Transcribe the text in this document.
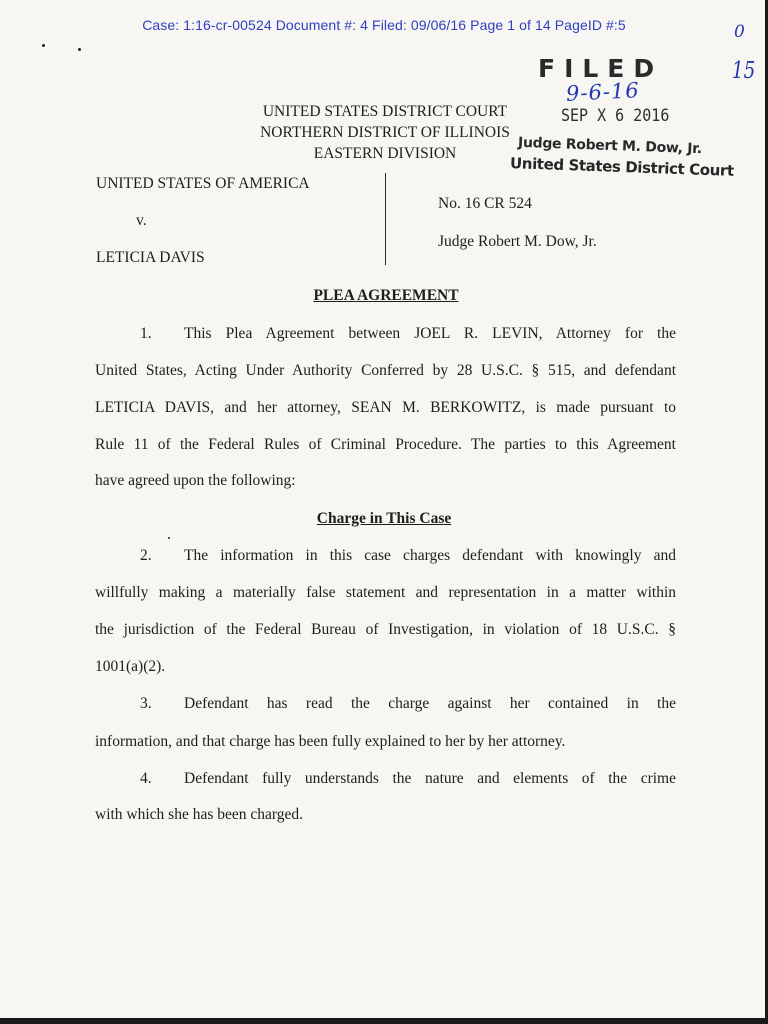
Case: 1:16-cr-00524 Document #: 4 Filed: 09/06/16 Page 1 of 14 PageID #:5	0
15
9-6-16
FILED
SEP X 6 2016
Judge Robert M. Dow, Jr.
United States District Court
UNITED STATES DISTRICT COURT
NORTHERN DISTRICT OF ILLINOIS
EASTERN DIVISION
UNITED STATES OF AMERICA
v.
LETICIA DAVIS
No. 16 CR 524
Judge Robert M. Dow, Jr.
PLEA AGREEMENT
1. This Plea Agreement between JOEL R. LEVIN, Attorney for the
United States, Acting Under Authority Conferred by 28 U.S.C. § 515, and defendant
LETICIA DAVIS, and her attorney, SEAN M. BERKOWITZ, is made pursuant to
Rule 11 of the Federal Rules of Criminal Procedure. The parties to this Agreement
have agreed upon the following:
Charge in This Case
2. The information in this case charges defendant with knowingly and
willfully making a materially false statement and representation in a matter within
the jurisdiction of the Federal Bureau of Investigation, in violation of 18 U.S.C. §
1001(a)(2).
3. Defendant has read the charge against her contained in the
information, and that charge has been fully explained to her by her attorney.
4. Defendant fully understands the nature and elements of the crime
with which she has been charged.
